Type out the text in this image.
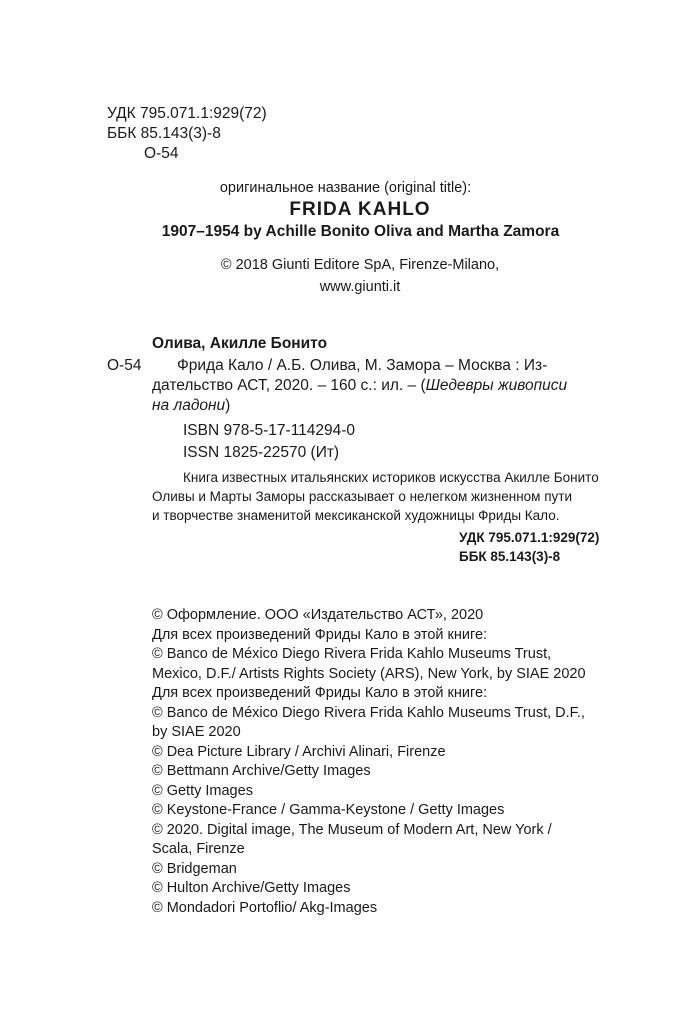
УДК 795.071.1:929(72)
ББК 85.143(3)-8
О-54
оригинальное название (original title):
FRIDA KAHLO
1907–1954 by Achille Bonito Oliva and Martha Zamora
© 2018 Giunti Editore SpA, Firenze-Milano,
www.giunti.it
Олива, Акилле Бонито
О-54	Фрида Кало / А.Б. Олива, М. Замора – Москва : Из-
дательство АСТ, 2020. – 160 с.: ил. – (Шедевры живописи
на ладони)
ISBN 978-5-17-114294-0
ISSN 1825-22570 (Ит)
Книга известных итальянских историков искусства Акилле Бонито
Оливы и Марты Заморы рассказывает о нелегком жизненном пути
и творчестве знаменитой мексиканской художницы Фриды Кало.
УДК 795.071.1:929(72)
ББК 85.143(3)-8
© Оформление. ООО «Издательство АСТ», 2020
Для всех произведений Фриды Кало в этой книге:
© Banco de México Diego Rivera Frida Kahlo Museums Trust,
Mexico, D.F./ Artists Rights Society (ARS), New York, by SIAE 2020
Для всех произведений Фриды Кало в этой книге:
© Banco de México Diego Rivera Frida Kahlo Museums Trust, D.F.,
by SIAE 2020
© Dea Picture Library / Archivi Alinari, Firenze
© Bettmann Archive/Getty Images
© Getty Images
© Keystone-France / Gamma-Keystone / Getty Images
© 2020. Digital image, The Museum of Modern Art, New York /
Scala, Firenze
© Bridgeman
© Hulton Archive/Getty Images
© Mondadori Portoflio/ Akg-Images
